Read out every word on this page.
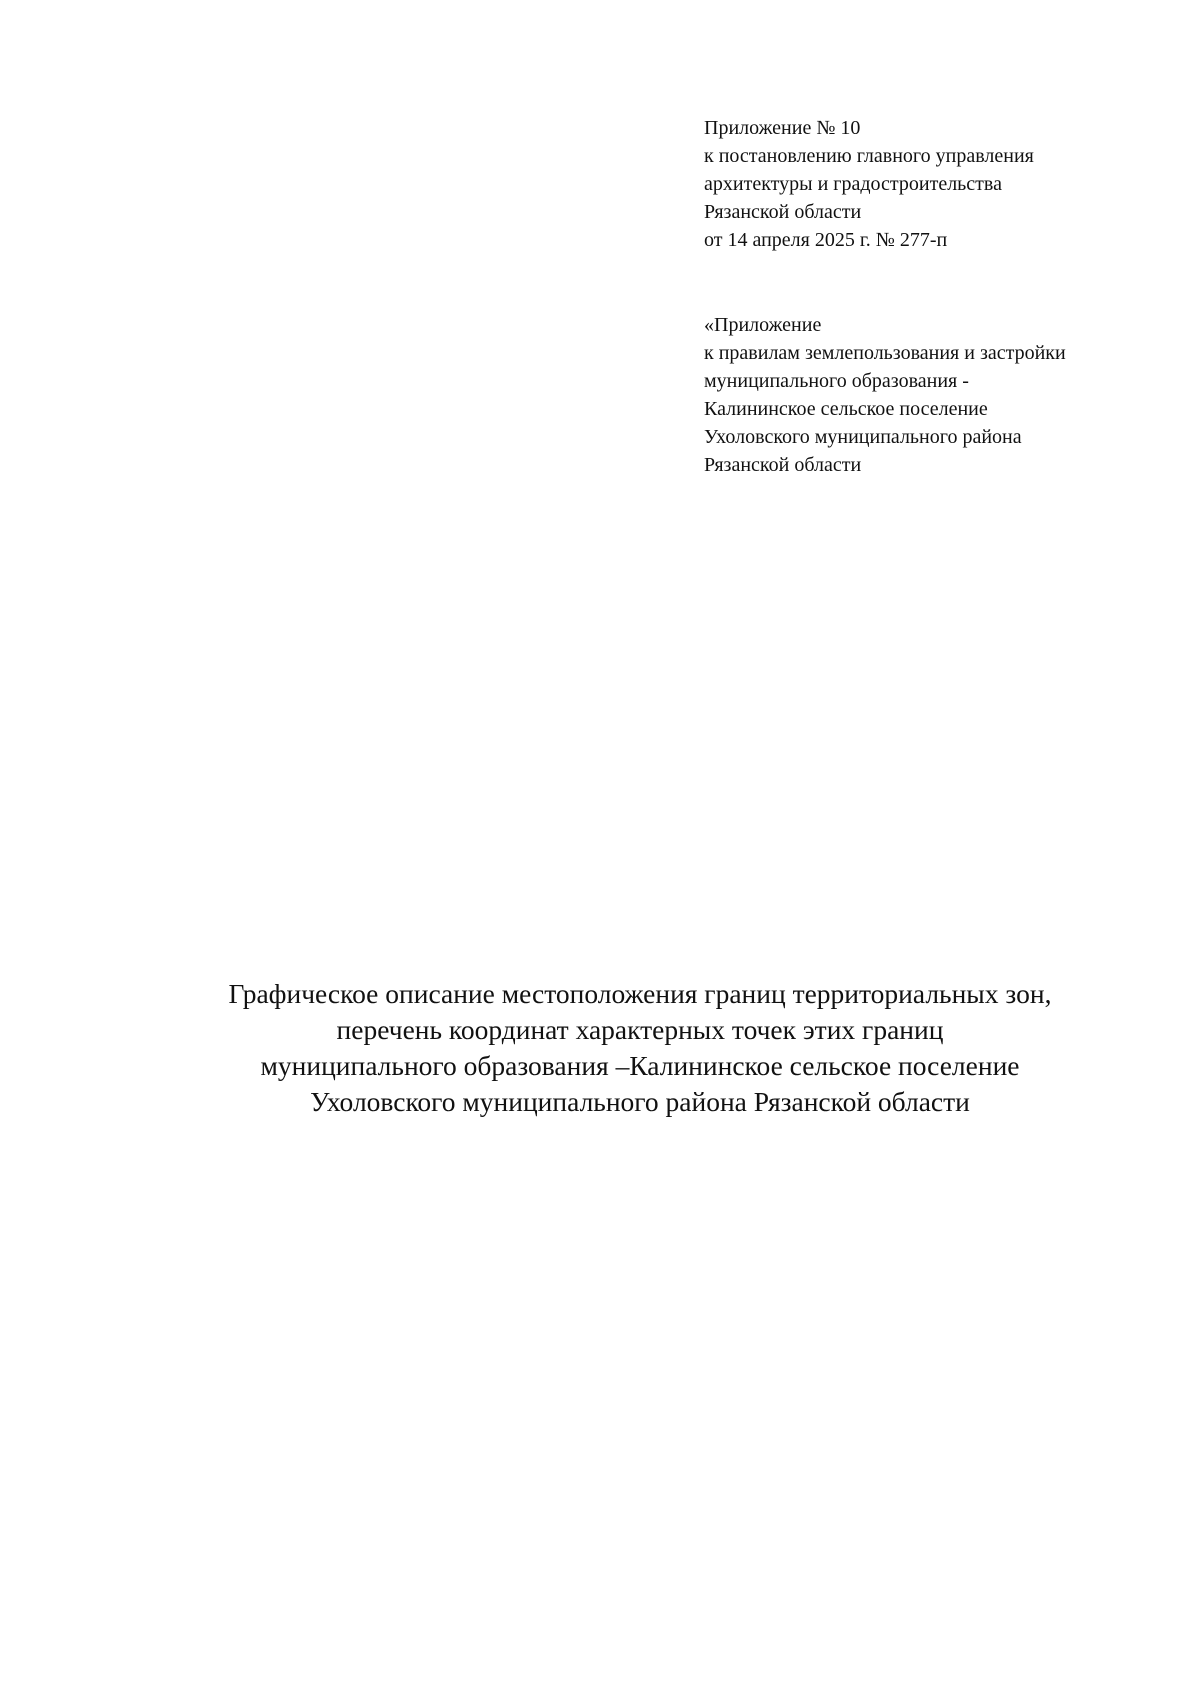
Приложение № 10
к постановлению главного управления
архитектуры и градостроительства
Рязанской области
от 14 апреля 2025 г. № 277-п
«Приложение
к правилам землепользования и застройки
муниципального образования -
Калининское сельское поселение
Ухоловского муниципального района
Рязанской области
Графическое описание местоположения границ территориальных зон,
перечень координат характерных точек этих границ
муниципального образования –Калининское сельское поселение
Ухоловского муниципального района Рязанской области
